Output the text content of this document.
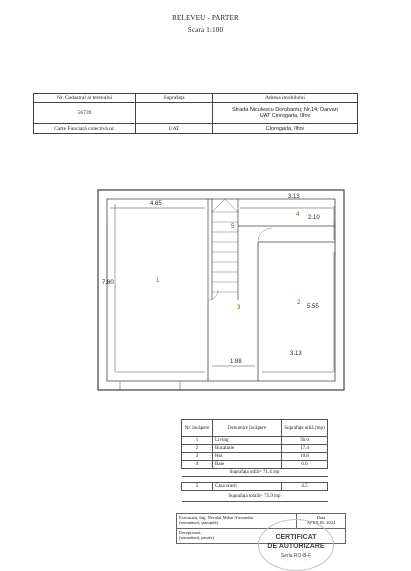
RELEVEU - PARTER
Scara 1:100
Nr. Cadastral al terenului	Suprafața	Adresa imobilului
56739		Strada Niculescu Dorobantu; Nr.14; Darvari
UAT Ciorogarla, Ilfov

Carte Funciară colectivă nr.	UAT	Ciorogarla, Ilfov
4.65
3.13
2.10
7.80
5.55
1.88
3.13
1
2
3
4
5
Nr. încăpere	Denumire încăpere	Suprafața utilă (mp)
1	Living	36.6
2	Bucatarie	17.4
3	Hol	10.8
4	Baie	6.6
Suprafața utilă= 71.4 mp		

5	Casa scarii	4.5
Suprafața totală= 75.9 mp		
Executant, Ing. Neculai Mihai Alexandru
(semnătură, ștampilă)

Data
APRILIE, 2024

Recepționat,
(semnătură, parafa)	CERTIFICAT
DE AUTORIZARE
Seria RO-B-F
